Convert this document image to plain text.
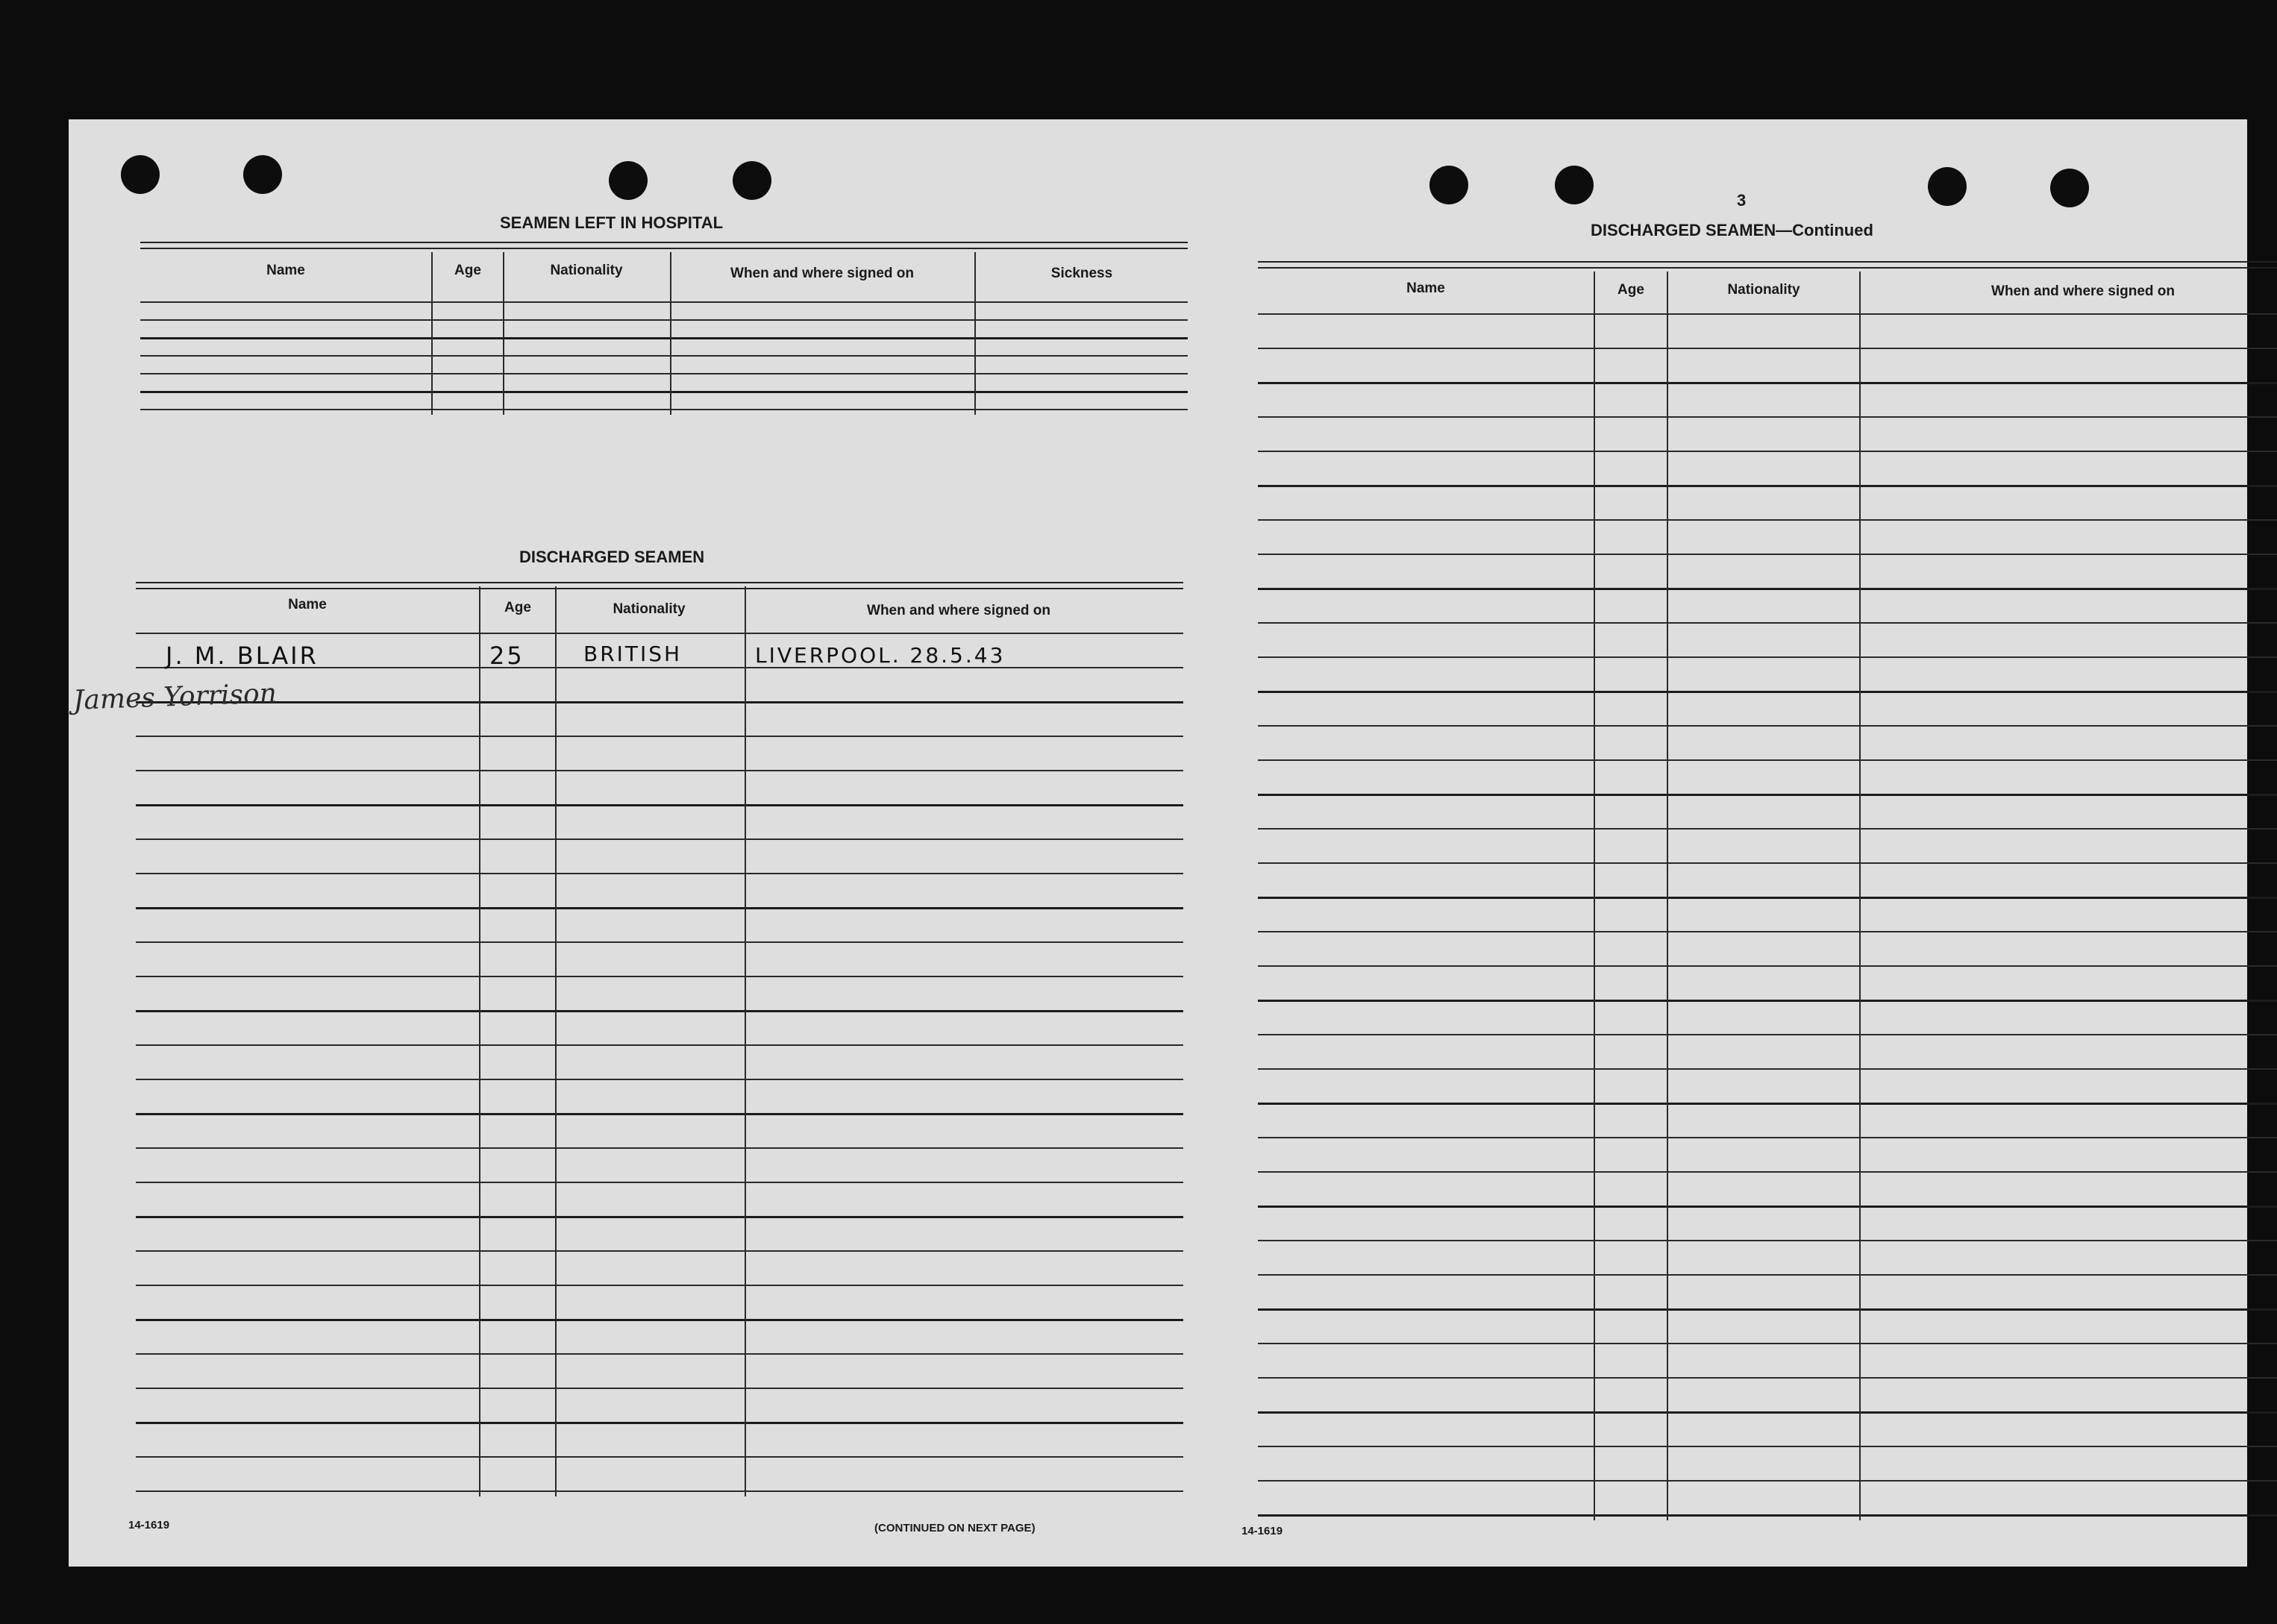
SEAMEN LEFT IN HOSPITAL
Name	Age	Nationality	When and where signed on	Sickness
DISCHARGED SEAMEN
Name	Age	Nationality	When and where signed on
J. M. BLAIR	25	BRITISH	LIVERPOOL. 28.5.43
James Yorrison
14-1619	(CONTINUED ON NEXT PAGE)
3
DISCHARGED SEAMEN—Continued
Name	Age	Nationality	When and where signed on
14-1619
